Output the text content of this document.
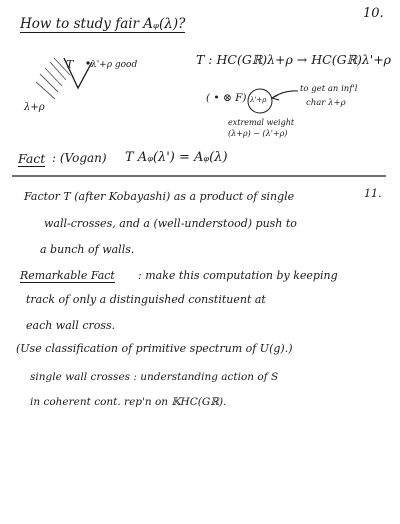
10.
How to study fair Aᵩ(λ)?
T λ'+ρ good
λ+ρ
T : HC(Gℝ)λ+ρ → HC(Gℝ)λ'+ρ
( • ⊗ F) λ'+ρ
to get an inf'l
char λ+ρ
extremal weight
(λ+ρ) − (λ'+ρ)
Fact : (Vogan) T Aᵩ(λ') = Aᵩ(λ)
Factor T (after Kobayashi) as a product of single	11.
wall-crosses, and a (well-understood) push to
a bunch of walls.
Remarkable Fact : make this computation by keeping
track of only a distinguished constituent at
each wall cross.
(Use classification of primitive spectrum of U(g).)
single wall crosses : understanding action of S
in coherent cont. rep'n on 𝕂HC(Gℝ).
